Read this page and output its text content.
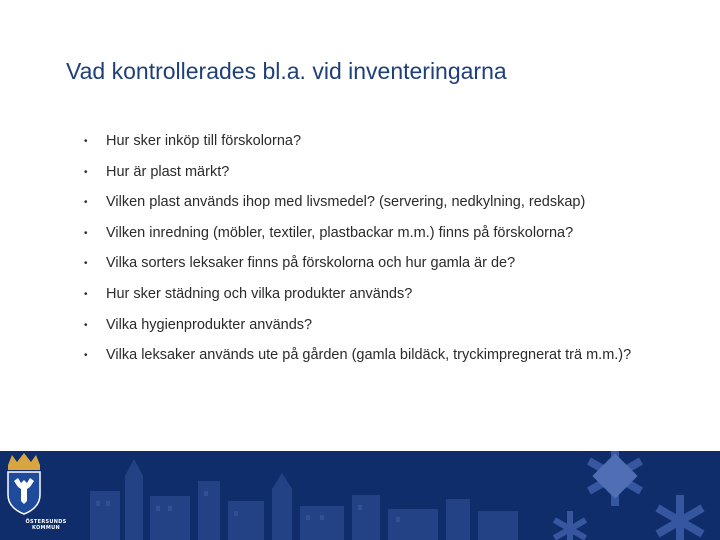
Vad kontrollerades bl.a. vid inventeringarna
• Hur sker inköp till förskolorna?
• Hur är plast märkt?
• Vilken plast används ihop med livsmedel? (servering, nedkylning, redskap)
• Vilken inredning (möbler, textiler, plastbackar m.m.) finns på förskolorna?
• Vilka sorters leksaker finns på förskolorna och hur gamla är de?
• Hur sker städning och vilka produkter används?
• Vilka hygienprodukter används?
• Vilka leksaker används ute på gården (gamla bildäck, tryckimpregnerat trä m.m.)?
ÖSTERSUNDS
KOMMUN
